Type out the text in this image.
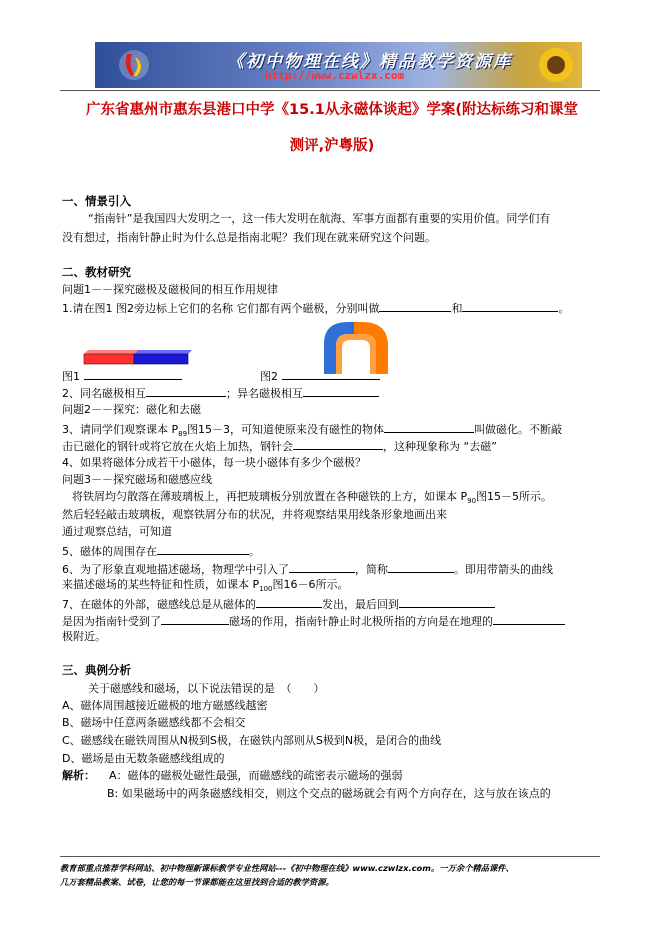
《初中物理在线》精品教学资源库
http://www.czwlzx.com
广东省惠州市惠东县港口中学《15.1从永磁体谈起》学案(附达标练习和课堂
测评,沪粤版)
一、情景引入
“指南针”是我国四大发明之一，这一伟大发明在航海、军事方面都有重要的实用价值。同学们有
没有想过，指南针静止时为什么总是指南北呢？我们现在就来研究这个问题。
二、教材研究
问题1－－探究磁极及磁极间的相互作用规律
1.请在图1 图2旁边标上它们的名称 它们都有两个磁极，分别叫做	和	。
图1	图2
2、同名磁极相互	；异名磁极相互
问题2－－探究：磁化和去磁
3、请同学们观察课本 $P_{89}$图15－3，可知道使原来没有磁性的物体	叫做磁化。不断敲
击已磁化的钢针或将它放在火焰上加热，钢针会	，这种现象称为 “去磁”
4、如果将磁体分成若干小磁体，每一块小磁体有多少个磁极？
问题3－－探究磁场和磁感应线
将铁屑均匀散落在薄玻璃板上，再把玻璃板分别放置在各种磁铁的上方，如课本 $P_{90}$图15－5所示。
然后轻轻敲击玻璃板，观察铁屑分布的状况，并将观察结果用线条形象地画出来
通过观察总结，可知道
5、磁体的周围存在	。
6、为了形象直观地描述磁场，物理学中引入了	，简称	。即用带箭头的曲线
来描述磁场的某些特征和性质，如课本 $P_{100}$图16－6所示。
7、在磁体的外部，磁感线总是从磁体的	发出，最后回到
是因为指南针受到了	磁场的作用，指南针静止时北极所指的方向是在地理的
极附近。
三、典例分析
关于磁感线和磁场，以下说法错误的是　（　　）
A、磁体周围越接近磁极的地方磁感线越密
B、磁场中任意两条磁感线都不会相交
C、磁感线在磁铁周围从N极到S极，在磁铁内部则从S极到N极，是闭合的曲线
D、磁场是由无数条磁感线组成的
解析： A：磁体的磁极处磁性最强，而磁感线的疏密表示磁场的强弱
B: 如果磁场中的两条磁感线相交，则这个交点的磁场就会有两个方向存在，这与放在该点的
教育部重点推荐学科网站、初中物理新课标教学专业性网站---《初中物理在线》www.czwlzx.com。一万余个精品课件、
几万套精品教案、试卷，让您的每一节课都能在这里找到合适的教学资源。
